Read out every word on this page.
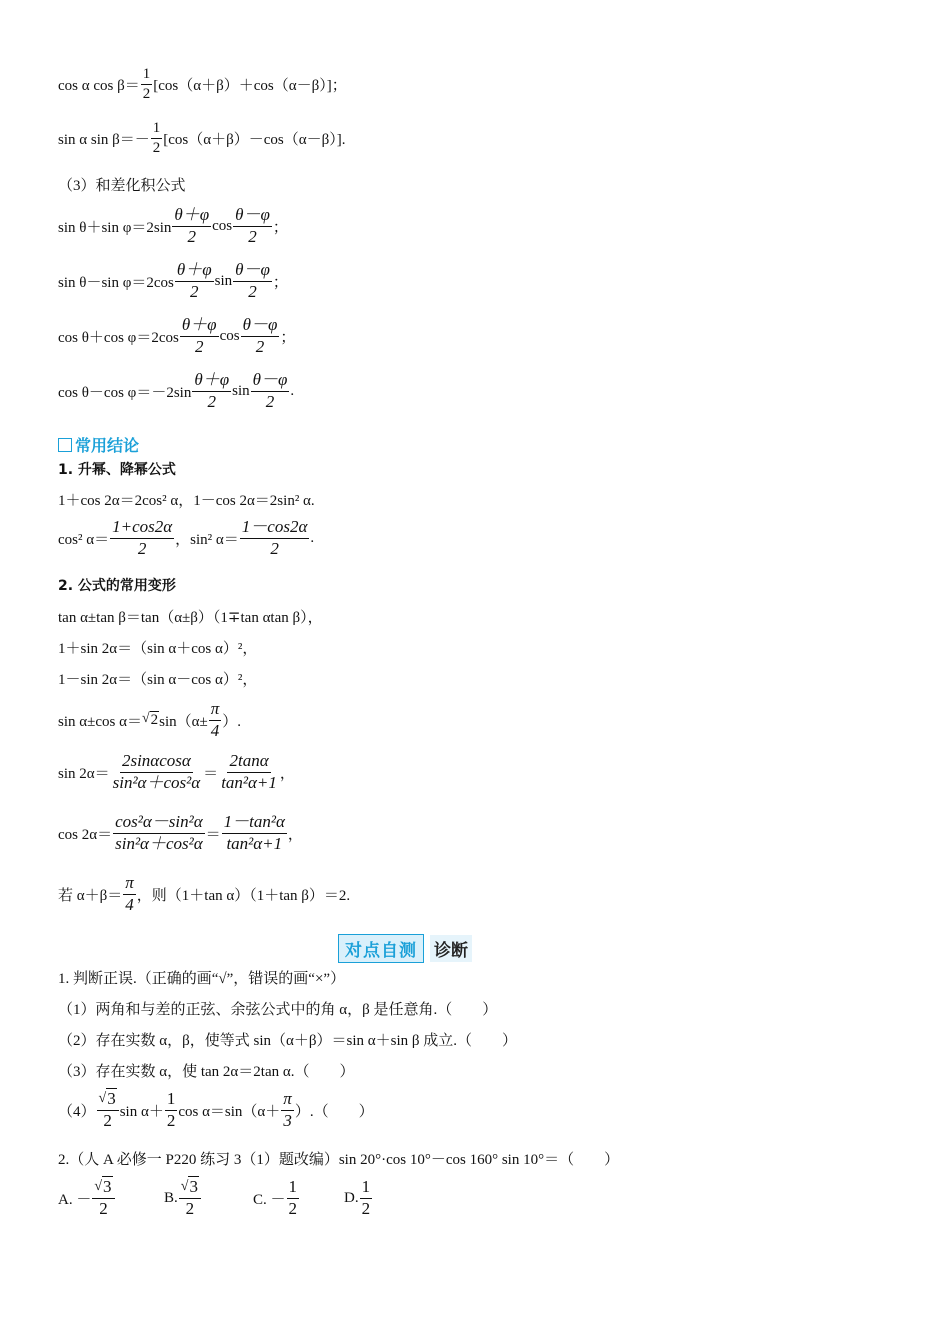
cos α $\cos \beta= \frac{1}{2} [\cos(\alpha+\beta)+\cos(\alpha-\beta)]$；
sin α $\sin \beta=- \frac{1}{2} [\cos(\alpha+\beta)-\cos(\alpha-\beta)]$.
（3）和差化积公式
sin θ＋sin $\varphi=2\sin \frac{\theta+\varphi}{2}$ $\cos \frac{\theta-\varphi}{2}$ ；
sin θ－sin $\varphi=2\cos \frac{\theta+\varphi}{2}$ $\sin \frac{\theta-\varphi}{2}$ ；
cos θ＋cos $\varphi=2\cos \frac{\theta+\varphi}{2}$ $\cos \frac{\theta-\varphi}{2}$ ；
cos θ－cos $\varphi=-2\sin \frac{\theta+\varphi}{2}$ $\sin \frac{\theta-\varphi}{2}$ .
常用结论
1. 升幂、降幂公式
1＋cos 2α＝2cos² α，1－cos 2α＝2sin² α.
cos² $\alpha= \frac{1+\cos 2\alpha}{2}$ ，sin² $\alpha= \frac{1-\cos 2\alpha}{2}$ .
2. 公式的常用变形
tan α±tan β＝tan（α±β）（1∓tan αtan β），
1＋sin 2α＝（sin α＋cos α）²，
1－sin 2α＝（sin α－cos α）²，
sin α±cos α＝ √2 $\sin(\alpha\pm \frac{\pi}{4}$ ）.
$\sin 2\alpha= \frac{2\sin\alpha\cos\alpha}{\text{sin²α＋cos²α}} = \frac{2\tan\alpha}{\text{tan²α+1}}$ ，
$\cos 2\alpha= \frac{\text{cos²α－sin²α}}{\text{sin²α＋cos²α}} = \frac{\text{1－tan²α}}{\text{tan²α+1}}$ ，
若 $\alpha+\beta= \frac{\pi}{4}$ ，则（1＋tan α）（1＋tan β）＝2.
1. 判断正误.（正确的画“√”，错误的画“×”）
（1）两角和与差的正弦、余弦公式中的角 α，β 是任意角.（　　）
（2）存在实数 α，β，使等式 sin（α＋β）＝sin α＋sin β 成立.（　　）
（3）存在实数 α，使 tan 2α＝2tan α.（　　）
$(4) \frac{√3}{2}$ $\sin \alpha+ \frac{1}{2}$ $\cos \alpha=\sin(\alpha+ \frac{\pi}{3}$ ）.（　　）
2.（人 A 必修一 P220 练习 3（1）题改编）sin 20°·cos 10°－cos 160° sin 10°＝（　　）
A. － $\frac{√3}{2}$	B. $\frac{√3}{2}$	C. － $\frac{1}{2}$	D. $\frac{1}{2}$
对点自测	诊断
